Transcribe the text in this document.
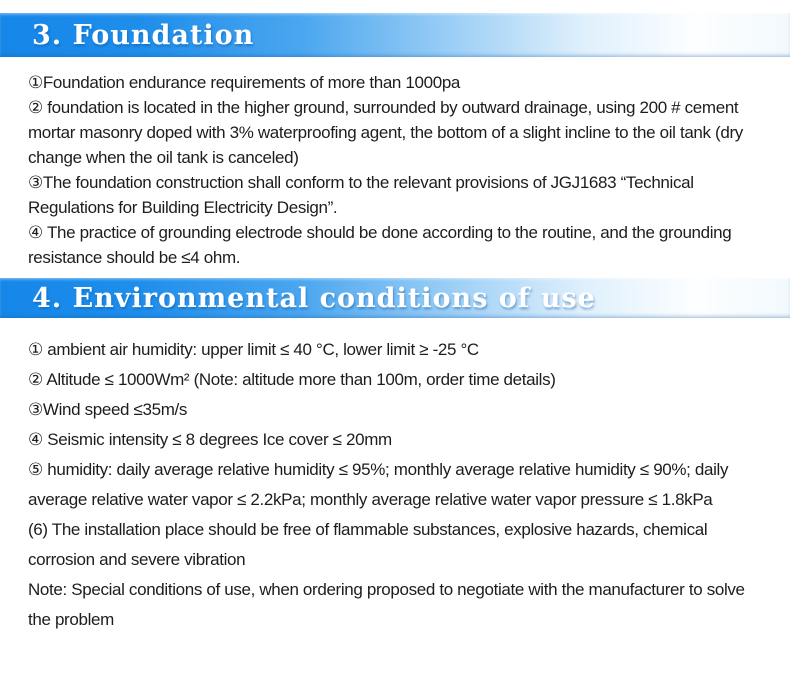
3. Foundation

①Foundation endurance requirements of more than 1000pa

② foundation is located in the higher ground, surrounded by outward drainage, using 200 # cement mortar masonry doped with 3% waterproofing agent, the bottom of a slight incline to the oil tank (dry change when the oil tank is canceled)

③The foundation construction shall conform to the relevant provisions of JGJ1683 “Technical Regulations for Building Electricity Design”.

④ The practice of grounding electrode should be done according to the routine, and the grounding resistance should be ≤4 ohm.

4. Environmental conditions of use

① ambient air humidity: upper limit ≤ 40 °C, lower limit ≥ -25 °C

② Altitude ≤ 1000Wm² (Note: altitude more than 100m, order time details)

③Wind speed ≤35m/s

④ Seismic intensity ≤ 8 degrees Ice cover ≤ 20mm

⑤ humidity: daily average relative humidity ≤ 95%; monthly average relative humidity ≤ 90%; daily average relative water vapor ≤ 2.2kPa; monthly average relative water vapor pressure ≤ 1.8kPa

(6) The installation place should be free of flammable substances, explosive hazards, chemical corrosion and severe vibration

Note: Special conditions of use, when ordering proposed to negotiate with the manufacturer to solve the problem
